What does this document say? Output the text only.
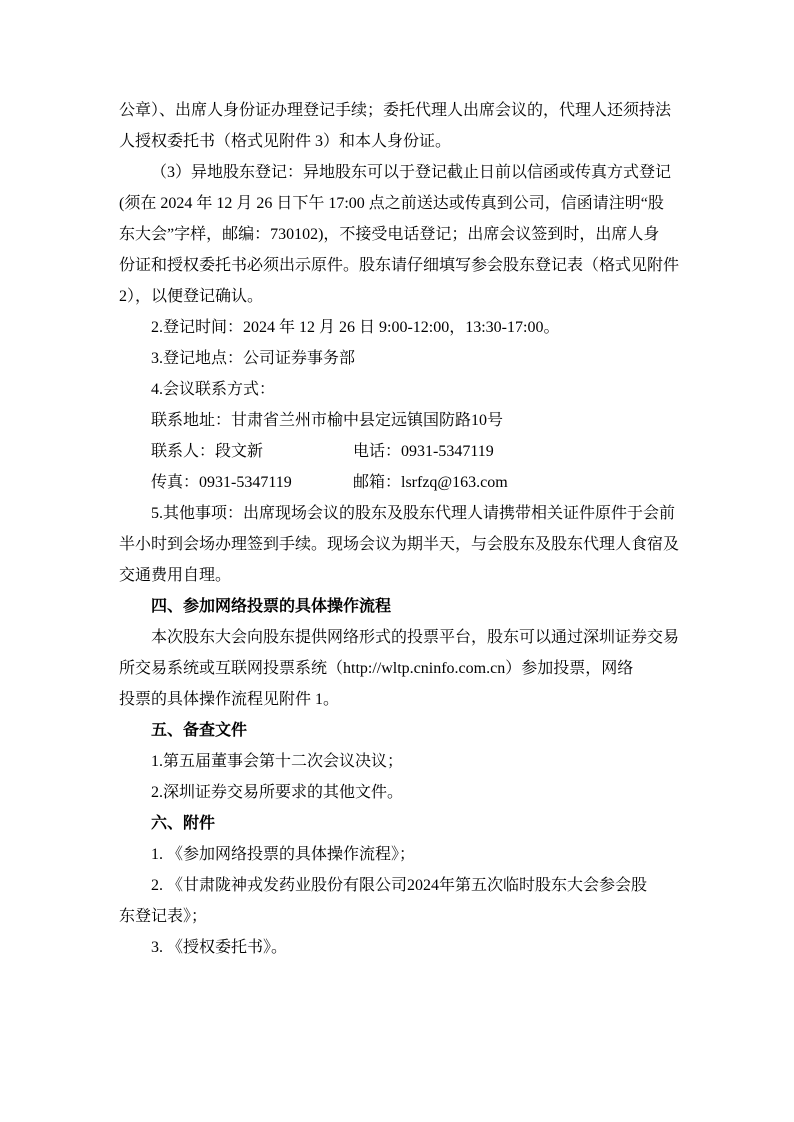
公章）、出席人身份证办理登记手续；委托代理人出席会议的，代理人还须持法
人授权委托书（格式见附件 3）和本人身份证。
（3）异地股东登记：异地股东可以于登记截止日前以信函或传真方式登记
(须在 2024 年 12 月 26 日下午 17:00 点之前送达或传真到公司，信函请注明“股
东大会”字样，邮编：730102)，不接受电话登记；出席会议签到时，出席人身
份证和授权委托书必须出示原件。股东请仔细填写参会股东登记表（格式见附件
2），以便登记确认。
2.登记时间：2024 年 12 月 26 日 9:00-12:00，13:30-17:00。
3.登记地点：公司证券事务部
4.会议联系方式：
联系地址：甘肃省兰州市榆中县定远镇国防路10号
联系人：段文新	电话：0931-5347119
传真：0931-5347119	邮箱：lsrfzq@163.com
5.其他事项：出席现场会议的股东及股东代理人请携带相关证件原件于会前
半小时到会场办理签到手续。现场会议为期半天，与会股东及股东代理人食宿及
交通费用自理。
四、参加网络投票的具体操作流程
本次股东大会向股东提供网络形式的投票平台，股东可以通过深圳证券交易
所交易系统或互联网投票系统（http://wltp.cninfo.com.cn）参加投票，网络
投票的具体操作流程见附件 1。
五、备查文件
1.第五届董事会第十二次会议决议；
2.深圳证券交易所要求的其他文件。
六、附件
1. 《参加网络投票的具体操作流程》；
2. 《甘肃陇神戎发药业股份有限公司2024年第五次临时股东大会参会股
东登记表》；
3. 《授权委托书》。
